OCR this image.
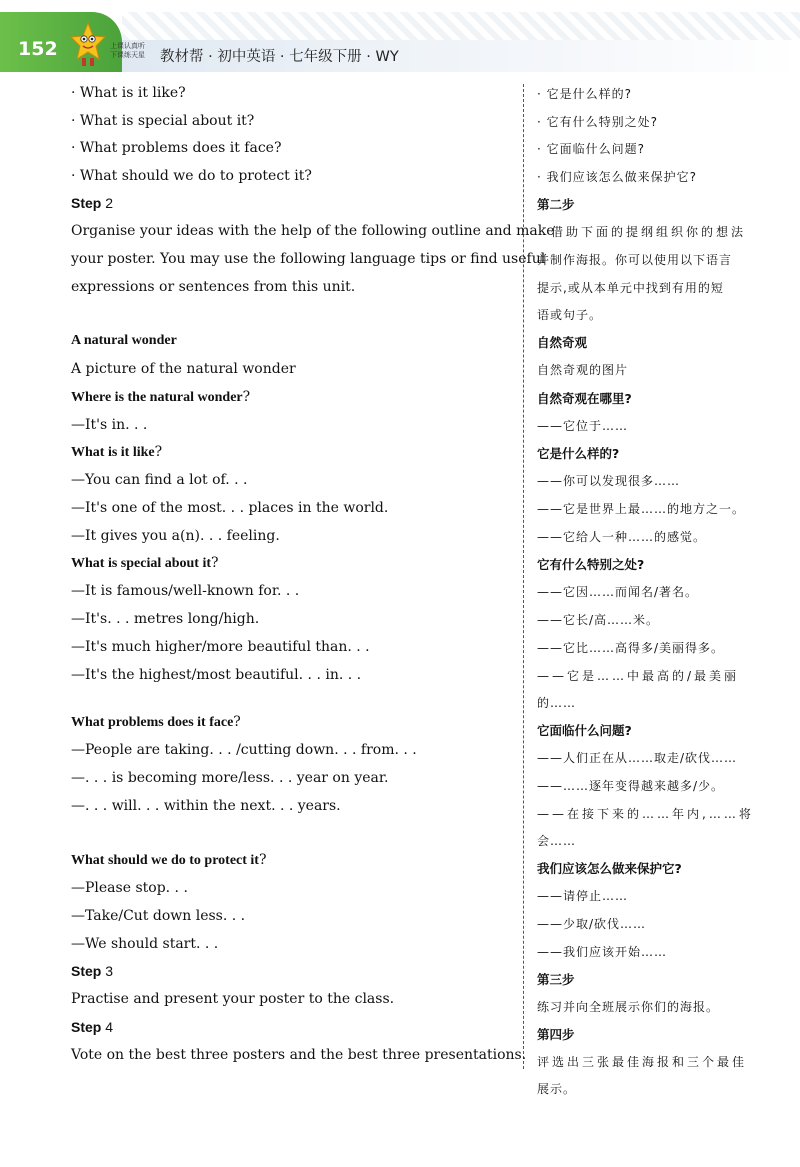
152	上课认真听
下课练天星 教材帮 · 初中英语 · 七年级下册 · WY
· What is it like?
· What is special about it?
· What problems does it face?
· What should we do to protect it?
Step 2
Organise your ideas with the help of the following outline and make
your poster. You may use the following language tips or find useful
expressions or sentences from this unit.
A natural wonder
A picture of the natural wonder
Where is the natural wonder?
—It's in. . .
What is it like?
—You can find a lot of. . .
—It's one of the most. . . places in the world.
—It gives you a(n). . . feeling.
What is special about it?
—It is famous/well-known for. . .
—It's. . . metres long/high.
—It's much higher/more beautiful than. . .
—It's the highest/most beautiful. . . in. . .
What problems does it face?
—People are taking. . . /cutting down. . . from. . .
—. . . is becoming more/less. . . year on year.
—. . . will. . . within the next. . . years.
What should we do to protect it?
—Please stop. . .
—Take/Cut down less. . .
—We should start. . .
Step 3
Practise and present your poster to the class.
Step 4
Vote on the best three posters and the best three presentations.
· 它是什么样的?
· 它有什么特别之处?
· 它面临什么问题?
· 我们应该怎么做来保护它?
第二步
借助下面的提纲组织你的想法
并制作海报。你可以使用以下语言
提示,或从本单元中找到有用的短
语或句子。
自然奇观
自然奇观的图片
自然奇观在哪里?
——它位于……
它是什么样的?
——你可以发现很多……
——它是世界上最……的地方之一。
——它给人一种……的感觉。
它有什么特别之处?
——它因……而闻名/著名。
——它长/高……米。
——它比……高得多/美丽得多。
——它是……中最高的/最美丽
的……
它面临什么问题?
——人们正在从……取走/砍伐……
——……逐年变得越来越多/少。
——在接下来的……年内,……将
会……
我们应该怎么做来保护它?
——请停止……
——少取/砍伐……
——我们应该开始……
第三步
练习并向全班展示你们的海报。
第四步
评选出三张最佳海报和三个最佳
展示。
